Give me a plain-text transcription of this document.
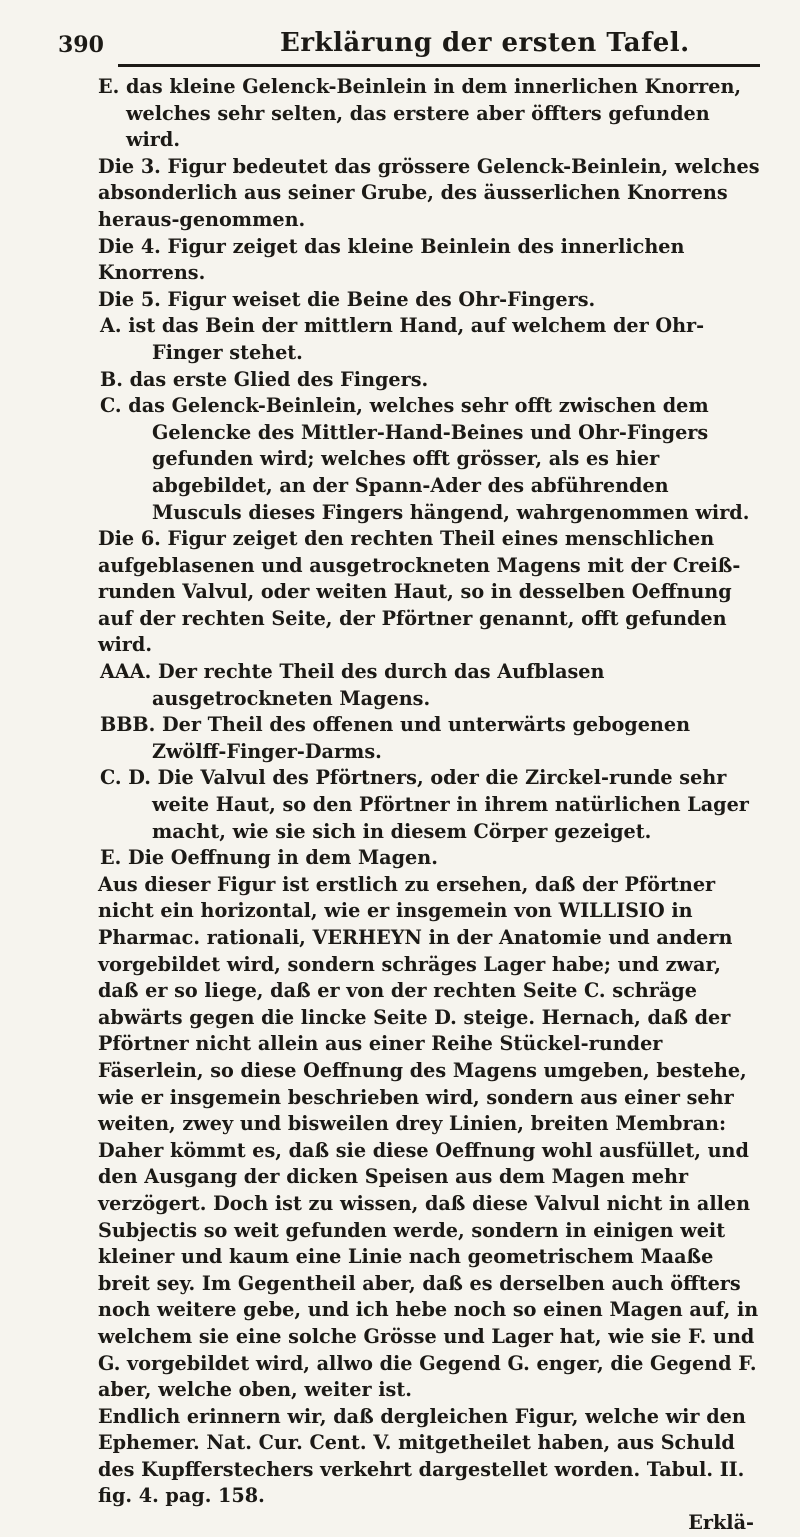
390	Erklärung der ersten Tafel.

E. das kleine Gelenck-Beinlein in dem innerlichen Knorren, welches sehr selten, das erstere aber öffters gefunden wird.

Die 3. Figur bedeutet das grössere Gelenck-Beinlein, welches absonderlich aus seiner Grube, des äusserlichen Knorrens heraus-genommen.

Die 4. Figur zeiget das kleine Beinlein des innerlichen Knorrens.

Die 5. Figur weiset die Beine des Ohr-Fingers.

A. ist das Bein der mittlern Hand, auf welchem der Ohr-Finger stehet.

B. das erste Glied des Fingers.

C. das Gelenck-Beinlein, welches sehr offt zwischen dem Gelencke des Mittler-Hand-Beines und Ohr-Fingers gefunden wird; welches offt grösser, als es hier abgebildet, an der Spann-Ader des abführenden Musculs dieses Fingers hängend, wahrgenommen wird.

Die 6. Figur zeiget den rechten Theil eines menschlichen aufgeblasenen und ausgetrockneten Magens mit der Creiß-runden Valvul, oder weiten Haut, so in desselben Oeffnung auf der rechten Seite, der Pförtner genannt, offt gefunden wird.

AAA. Der rechte Theil des durch das Aufblasen ausgetrockneten Magens.

BBB. Der Theil des offenen und unterwärts gebogenen Zwölff-Finger-Darms.

C. D. Die Valvul des Pförtners, oder die Zirckel-runde sehr weite Haut, so den Pförtner in ihrem natürlichen Lager macht, wie sie sich in diesem Cörper gezeiget.

E. Die Oeffnung in dem Magen.

Aus dieser Figur ist erstlich zu ersehen, daß der Pförtner nicht ein horizontal, wie er insgemein von WILLISIO in Pharmac. rationali, VERHEYN in der Anatomie und andern vorgebildet wird, sondern schräges Lager habe; und zwar, daß er so liege, daß er von der rechten Seite C. schräge abwärts gegen die lincke Seite D. steige. Hernach, daß der Pförtner nicht allein aus einer Reihe Stückel-runder Fäserlein, so diese Oeffnung des Magens umgeben, bestehe, wie er insgemein beschrieben wird, sondern aus einer sehr weiten, zwey und bisweilen drey Linien, breiten Membran: Daher kömmt es, daß sie diese Oeffnung wohl ausfüllet, und den Ausgang der dicken Speisen aus dem Magen mehr verzögert. Doch ist zu wissen, daß diese Valvul nicht in allen Subjectis so weit gefunden werde, sondern in einigen weit kleiner und kaum eine Linie nach geometrischem Maaße breit sey. Im Gegentheil aber, daß es derselben auch öffters noch weitere gebe, und ich hebe noch so einen Magen auf, in welchem sie eine solche Grösse und Lager hat, wie sie F. und G. vorgebildet wird, allwo die Gegend G. enger, die Gegend F. aber, welche oben, weiter ist.

Endlich erinnern wir, daß dergleichen Figur, welche wir den Ephemer. Nat. Cur. Cent. V. mitgetheilet haben, aus Schuld des Kupfferstechers verkehrt dargestellet worden. Tabul. II. fig. 4. pag. 158.

Erklä-
